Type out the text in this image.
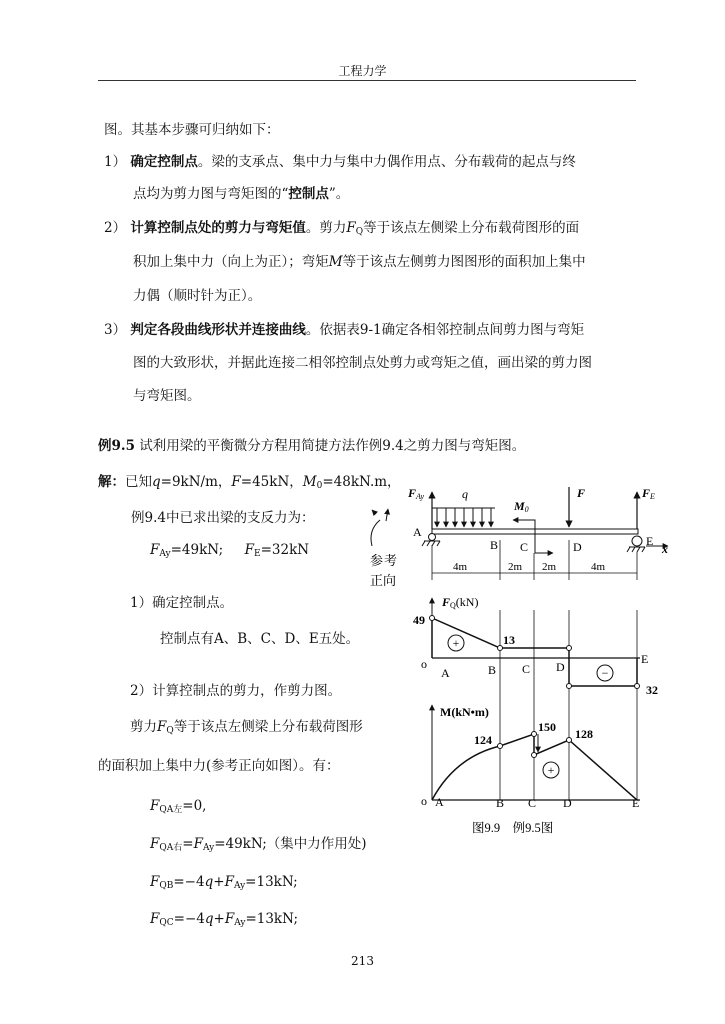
工程力学
图。其基本步骤可归纳如下：
1） 确定控制点。梁的支承点、集中力与集中力偶作用点、分布载荷的起点与终
点均为剪力图与弯矩图的“控制点”。
2） 计算控制点处的剪力与弯矩值。剪力$F_Q$等于该点左侧梁上分布载荷图形的面
积加上集中力（向上为正）；弯矩M等于该点左侧剪力图图形的面积加上集中
力偶（顺时针为正）。
3） 判定各段曲线形状并连接曲线。依据表9-1确定各相邻控制点间剪力图与弯矩
图的大致形状，并据此连接二相邻控制点处剪力或弯矩之值，画出梁的剪力图
与弯矩图。
例9.5 试利用梁的平衡微分方程用简捷方法作例9.4之剪力图与弯矩图。
解：已知q=9kN/m，F=45kN，$M_0=48kN.m$，
例9.4中已求出梁的支反力为：
$F_{Ay}=49kN$; $F_E=32kN$
1）确定控制点。
控制点有A、B、C、D、E五处。
2）计算控制点的剪力，作剪力图。
剪力$F_Q$等于该点左侧梁上分布载荷图形
的面积加上集中力(参考正向如图）。有：
$F_{QA左}=0$,
$F_{QA右}=F_{Ay}=49kN$;（集中力作用处)
$F_{QB}=-4q+F_{Ay}=13kN$;
$F_{QC}=-4q+F_{Ay}=13kN$;
FAy	q
M0
F	FE
A
B C	D	E
x
4m	2m 2m	4m
参 考
正向
FQ(kN)
49
13
32
+
−
o
A	B C D
E
M(kN•m)
124
150 128
+
o A	B C D	E
图9.9　例9.5图
213
